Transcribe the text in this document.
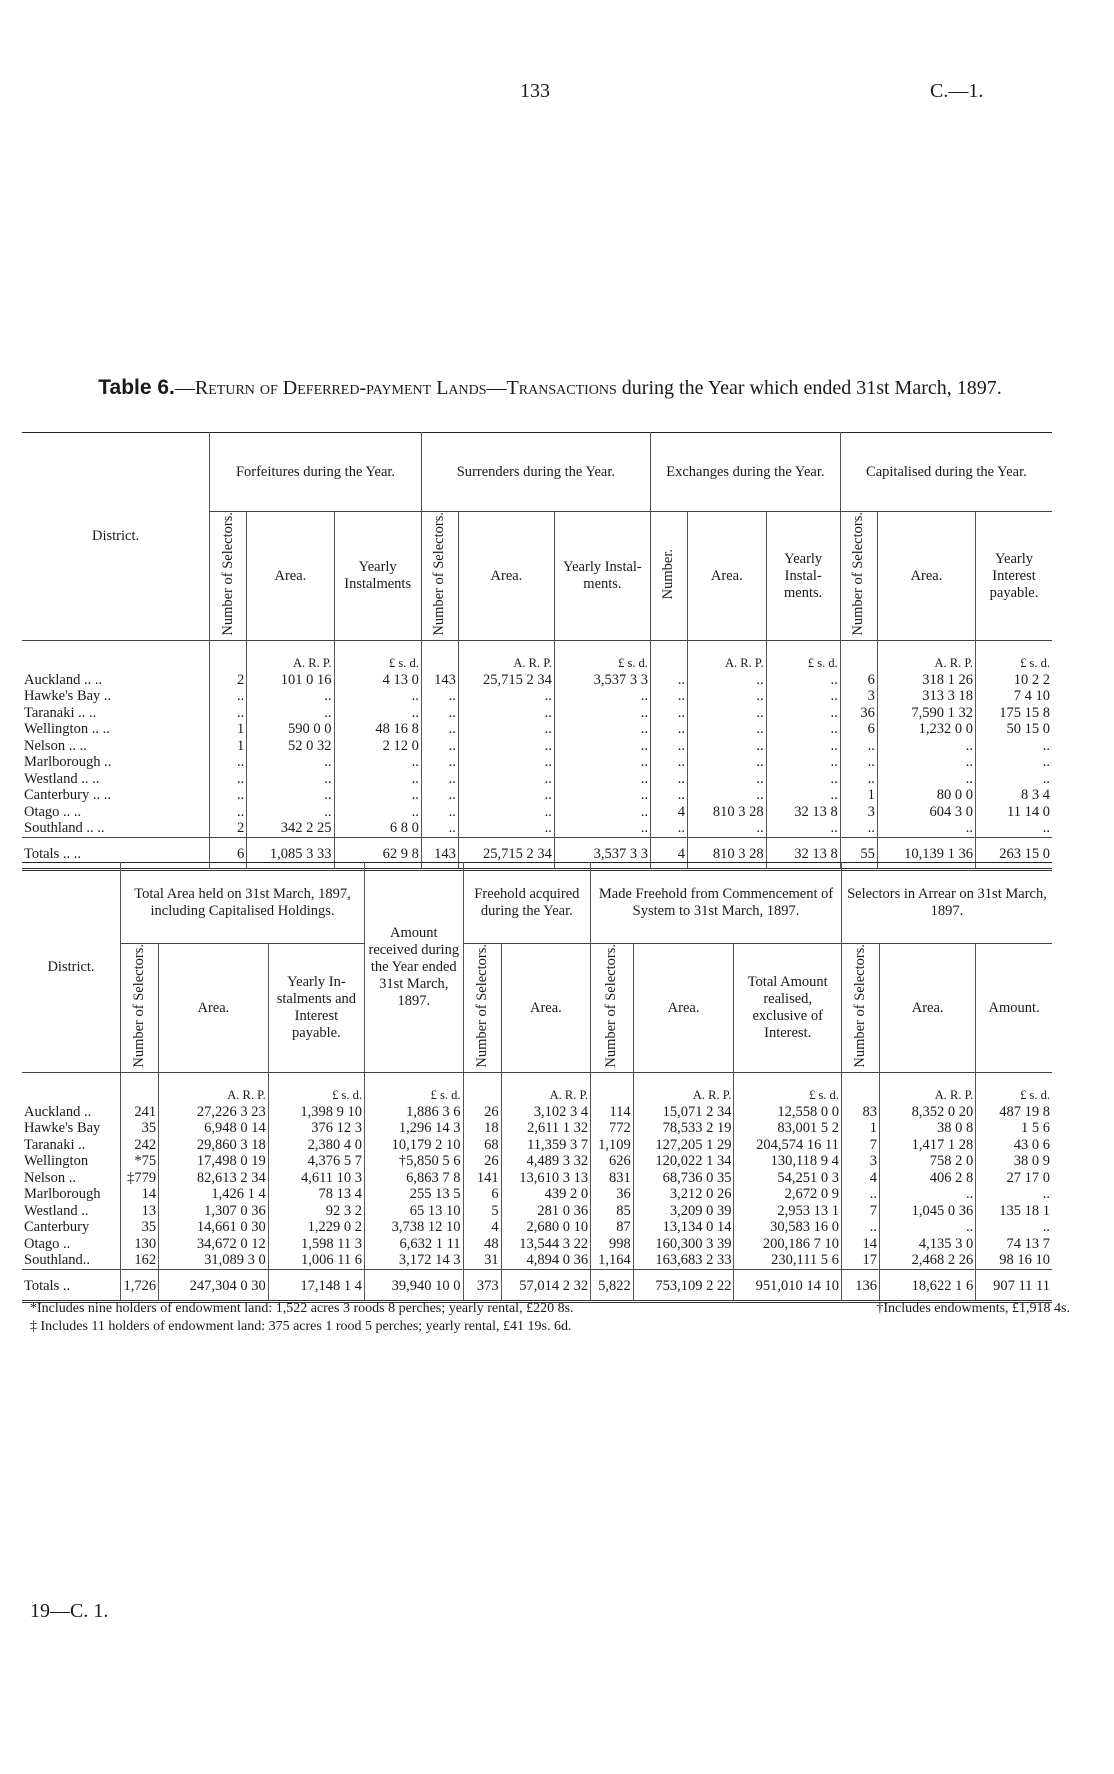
133	C.—1.
Table 6.—Return of Deferred-payment Lands—Transactions during the Year which ended 31st March, 1897.
District.	Forfeitures during the Year.			Surrenders during the Year.			Exchanges during the Year.			Capitalised during the Year.		
	Number of Selectors.	Area.	Yearly Instalments	Number of Selectors.	Area.	Yearly Instal-ments.	Number.	Area.	Yearly Instal-ments.	Number of Selectors.	Area.	Yearly Interest payable.
		A. R. P.	£ s. d.		A. R. P.	£ s. d.		A. R. P.	£ s. d.		A. R. P.	£ s. d.
Auckland .. ..	2	101 0 16	4 13 0	143	25,715 2 34	3,537 3 3	..	..	..	6	318 1 26	10 2 2
Hawke's Bay ..	..	..	..	..	..	..	..	..	..	3	313 3 18	7 4 10
Taranaki .. ..	..	..	..	..	..	..	..	..	..	36	7,590 1 32	175 15 8
Wellington .. ..	1	590 0 0	48 16 8	..	..	..	..	..	..	6	1,232 0 0	50 15 0
Nelson .. ..	1	52 0 32	2 12 0	..	..	..	..	..	..	..	..	..
Marlborough ..	..	..	..	..	..	..	..	..	..	..	..	..
Westland .. ..	..	..	..	..	..	..	..	..	..	..	..	..
Canterbury .. ..	..	..	..	..	..	..	..	..	..	1	80 0 0	8 3 4
Otago .. ..	..	..	..	..	..	..	4	810 3 28	32 13 8	3	604 3 0	11 14 0
Southland .. ..	2	342 2 25	6 8 0	..	..	..	..	..	..	..	..	..
Totals .. ..	6	1,085 3 33	62 9 8	143	25,715 2 34	3,537 3 3	4	810 3 28	32 13 8	55	10,139 1 36	263 15 0
District.	Total Area held on 31st March, 1897, including Capitalised Holdings.			Amount received during the Year ended 31st March, 1897.	Freehold acquired during the Year.		Made Freehold from Commencement of System to 31st March, 1897.			Selectors in Arrear on 31st March, 1897.		
	Number of Selectors.	Area.	Yearly In-stalments and Interest payable.		Number of Selectors.	Area.	Number of Selectors.	Area.	Total Amount realised, exclusive of Interest.	Number of Selectors.	Area.	Amount.
		A. R. P.	£ s. d.	£ s. d.		A. R. P.		A. R. P.	£ s. d.		A. R. P.	£ s. d.
Auckland ..	241	27,226 3 23	1,398 9 10	1,886 3 6	26	3,102 3 4	114	15,071 2 34	12,558 0 0	83	8,352 0 20	487 19 8
Hawke's Bay	35	6,948 0 14	376 12 3	1,296 14 3	18	2,611 1 32	772	78,533 2 19	83,001 5 2	1	38 0 8	1 5 6
Taranaki ..	242	29,860 3 18	2,380 4 0	10,179 2 10	68	11,359 3 7	1,109	127,205 1 29	204,574 16 11	7	1,417 1 28	43 0 6
Wellington	*75	17,498 0 19	4,376 5 7	†5,850 5 6	26	4,489 3 32	626	120,022 1 34	130,118 9 4	3	758 2 0	38 0 9
Nelson ..	‡779	82,613 2 34	4,611 10 3	6,863 7 8	141	13,610 3 13	831	68,736 0 35	54,251 0 3	4	406 2 8	27 17 0
Marlborough	14	1,426 1 4	78 13 4	255 13 5	6	439 2 0	36	3,212 0 26	2,672 0 9	..	..	..
Westland ..	13	1,307 0 36	92 3 2	65 13 10	5	281 0 36	85	3,209 0 39	2,953 13 1	7	1,045 0 36	135 18 1
Canterbury	35	14,661 0 30	1,229 0 2	3,738 12 10	4	2,680 0 10	87	13,134 0 14	30,583 16 0	..	..	..
Otago ..	130	34,672 0 12	1,598 11 3	6,632 1 11	48	13,544 3 22	998	160,300 3 39	200,186 7 10	14	4,135 3 0	74 13 7
Southland..	162	31,089 3 0	1,006 11 6	3,172 14 3	31	4,894 0 36	1,164	163,683 2 33	230,111 5 6	17	2,468 2 26	98 16 10
Totals ..	1,726	247,304 0 30	17,148 1 4	39,940 10 0	373	57,014 2 32	5,822	753,109 2 22	951,010 14 10	136	18,622 1 6	907 11 11
*Includes nine holders of endowment land: 1,522 acres 3 roods 8 perches; yearly rental, £220 8s.	†Includes endowments, £1,918 4s.
‡ Includes 11 holders of endowment land: 375 acres 1 rood 5 perches; yearly rental, £41 19s. 6d.
19—C. 1.
